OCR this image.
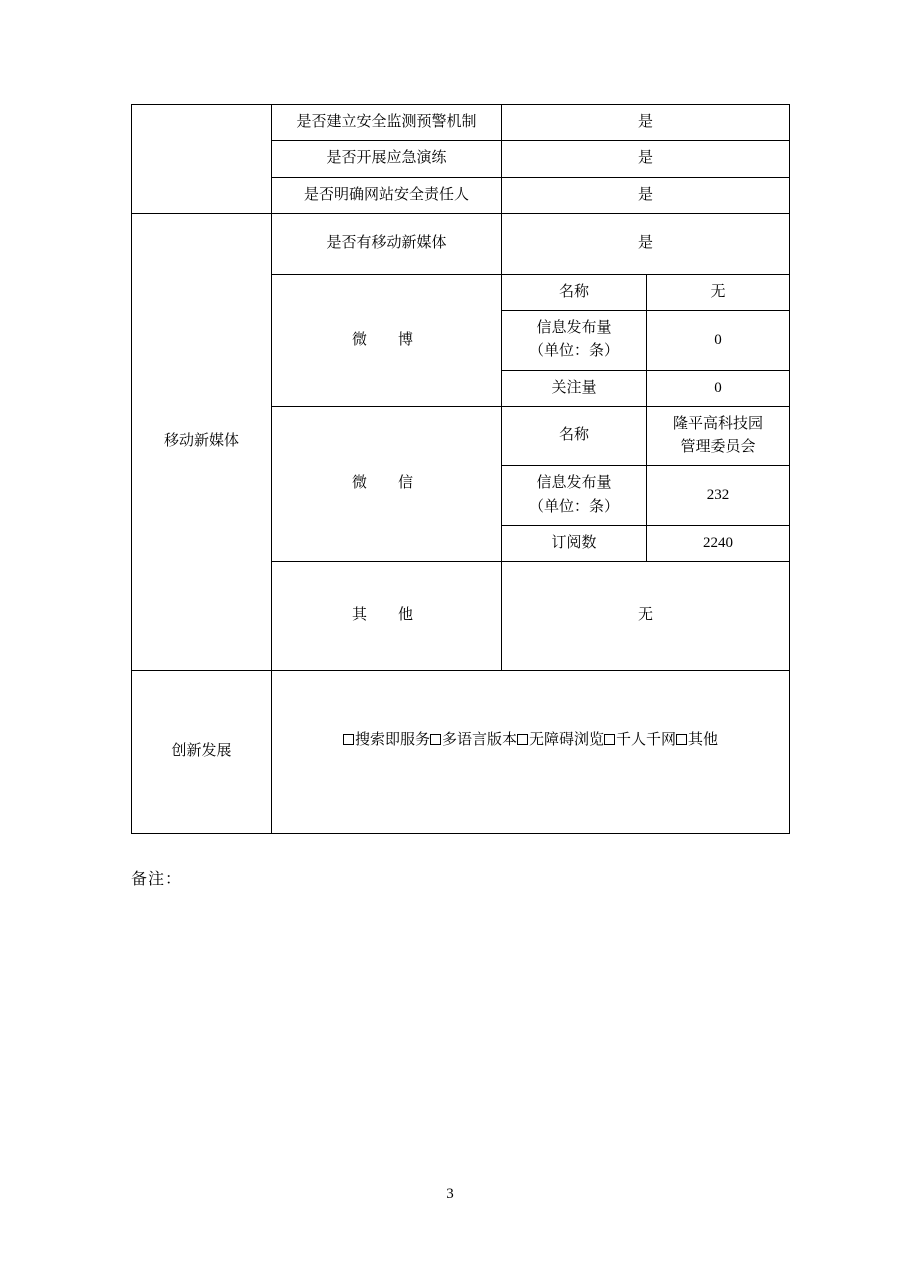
	是否建立安全监测预警机制	是	
	是否开展应急演练	是	
	是否明确网站安全责任人	是	
移动新媒体	是否有移动新媒体	是	
	微　博	名称	无

		信息发布量
（单位：条）	0
		关注量	0
	微　信	名称	隆平高科技园
管理委员会

		信息发布量
（单位：条）	232
		订阅数	2240
	其　他	无	
创新发展	搜索即服务 多语言版本 无障碍浏览 千人千网 其他		
备注：
3
